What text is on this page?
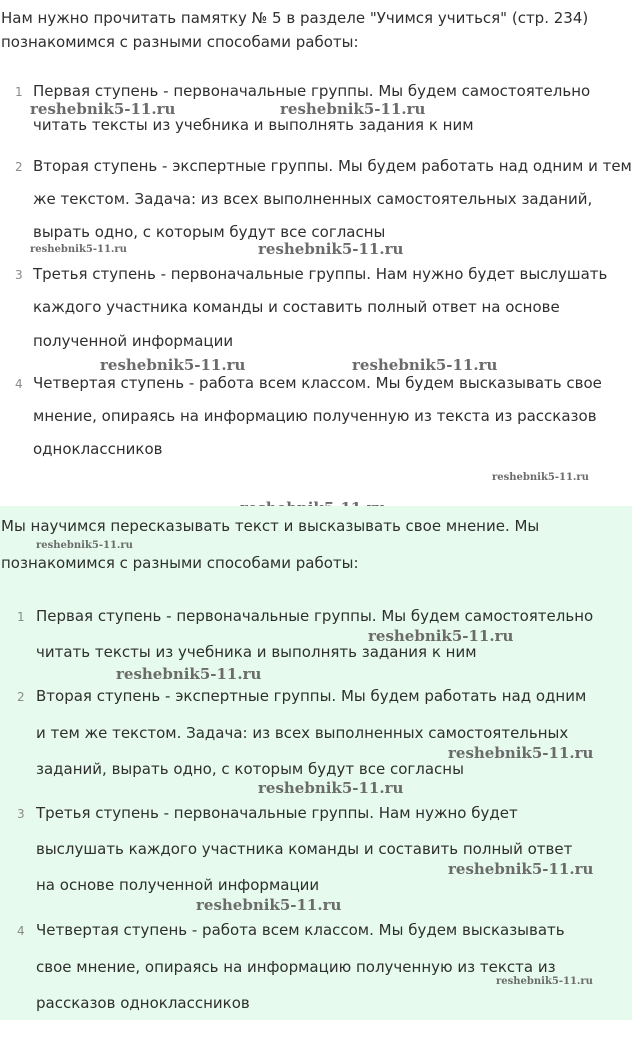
Нам нужно прочитать памятку № 5 в разделе "Учимся учиться" (стр. 234)
познакомимся с разными способами работы:
1 Первая ступень - первоначальные группы. Мы будем самостоятельно
читать тексты из учебника и выполнять задания к ним
2 Вторая ступень - экспертные группы. Мы будем работать над одним и тем
же текстом. Задача: из всех выполненных самостоятельных заданий,
вырать одно, с которым будут все согласны
3 Третья ступень - первоначальные группы. Нам нужно будет выслушать
каждого участника команды и составить полный ответ на основе
полученной информации
4 Четвертая ступень - работа всем классом. Мы будем высказывать свое
мнение, опираясь на информацию полученную из текста из рассказов
одноклассников
reshebnik5-11.ru	reshebnik5-11.ru
reshebnik5-11.ru	reshebnik5-11.ru
reshebnik5-11.ru	reshebnik5-11.ru
reshebnik5-11.ru
Мы научимся пересказывать текст и высказывать свое мнение. Мы
познакомимся с разными способами работы:
1 Первая ступень - первоначальные группы. Мы будем самостоятельно
читать тексты из учебника и выполнять задания к ним
2 Вторая ступень - экспертные группы. Мы будем работать над одним
и тем же текстом. Задача: из всех выполненных самостоятельных
заданий, вырать одно, с которым будут все согласны
3 Третья ступень - первоначальные группы. Нам нужно будет
выслушать каждого участника команды и составить полный ответ
на основе полученной информации
4 Четвертая ступень - работа всем классом. Мы будем высказывать
свое мнение, опираясь на информацию полученную из текста из
рассказов одноклассников
reshebnik5-11.ru
reshebnik5-11.ru
reshebnik5-11.ru
reshebnik5-11.ru
reshebnik5-11.ru
reshebnik5-11.ru
reshebnik5-11.ru
reshebnik5-11.ru
